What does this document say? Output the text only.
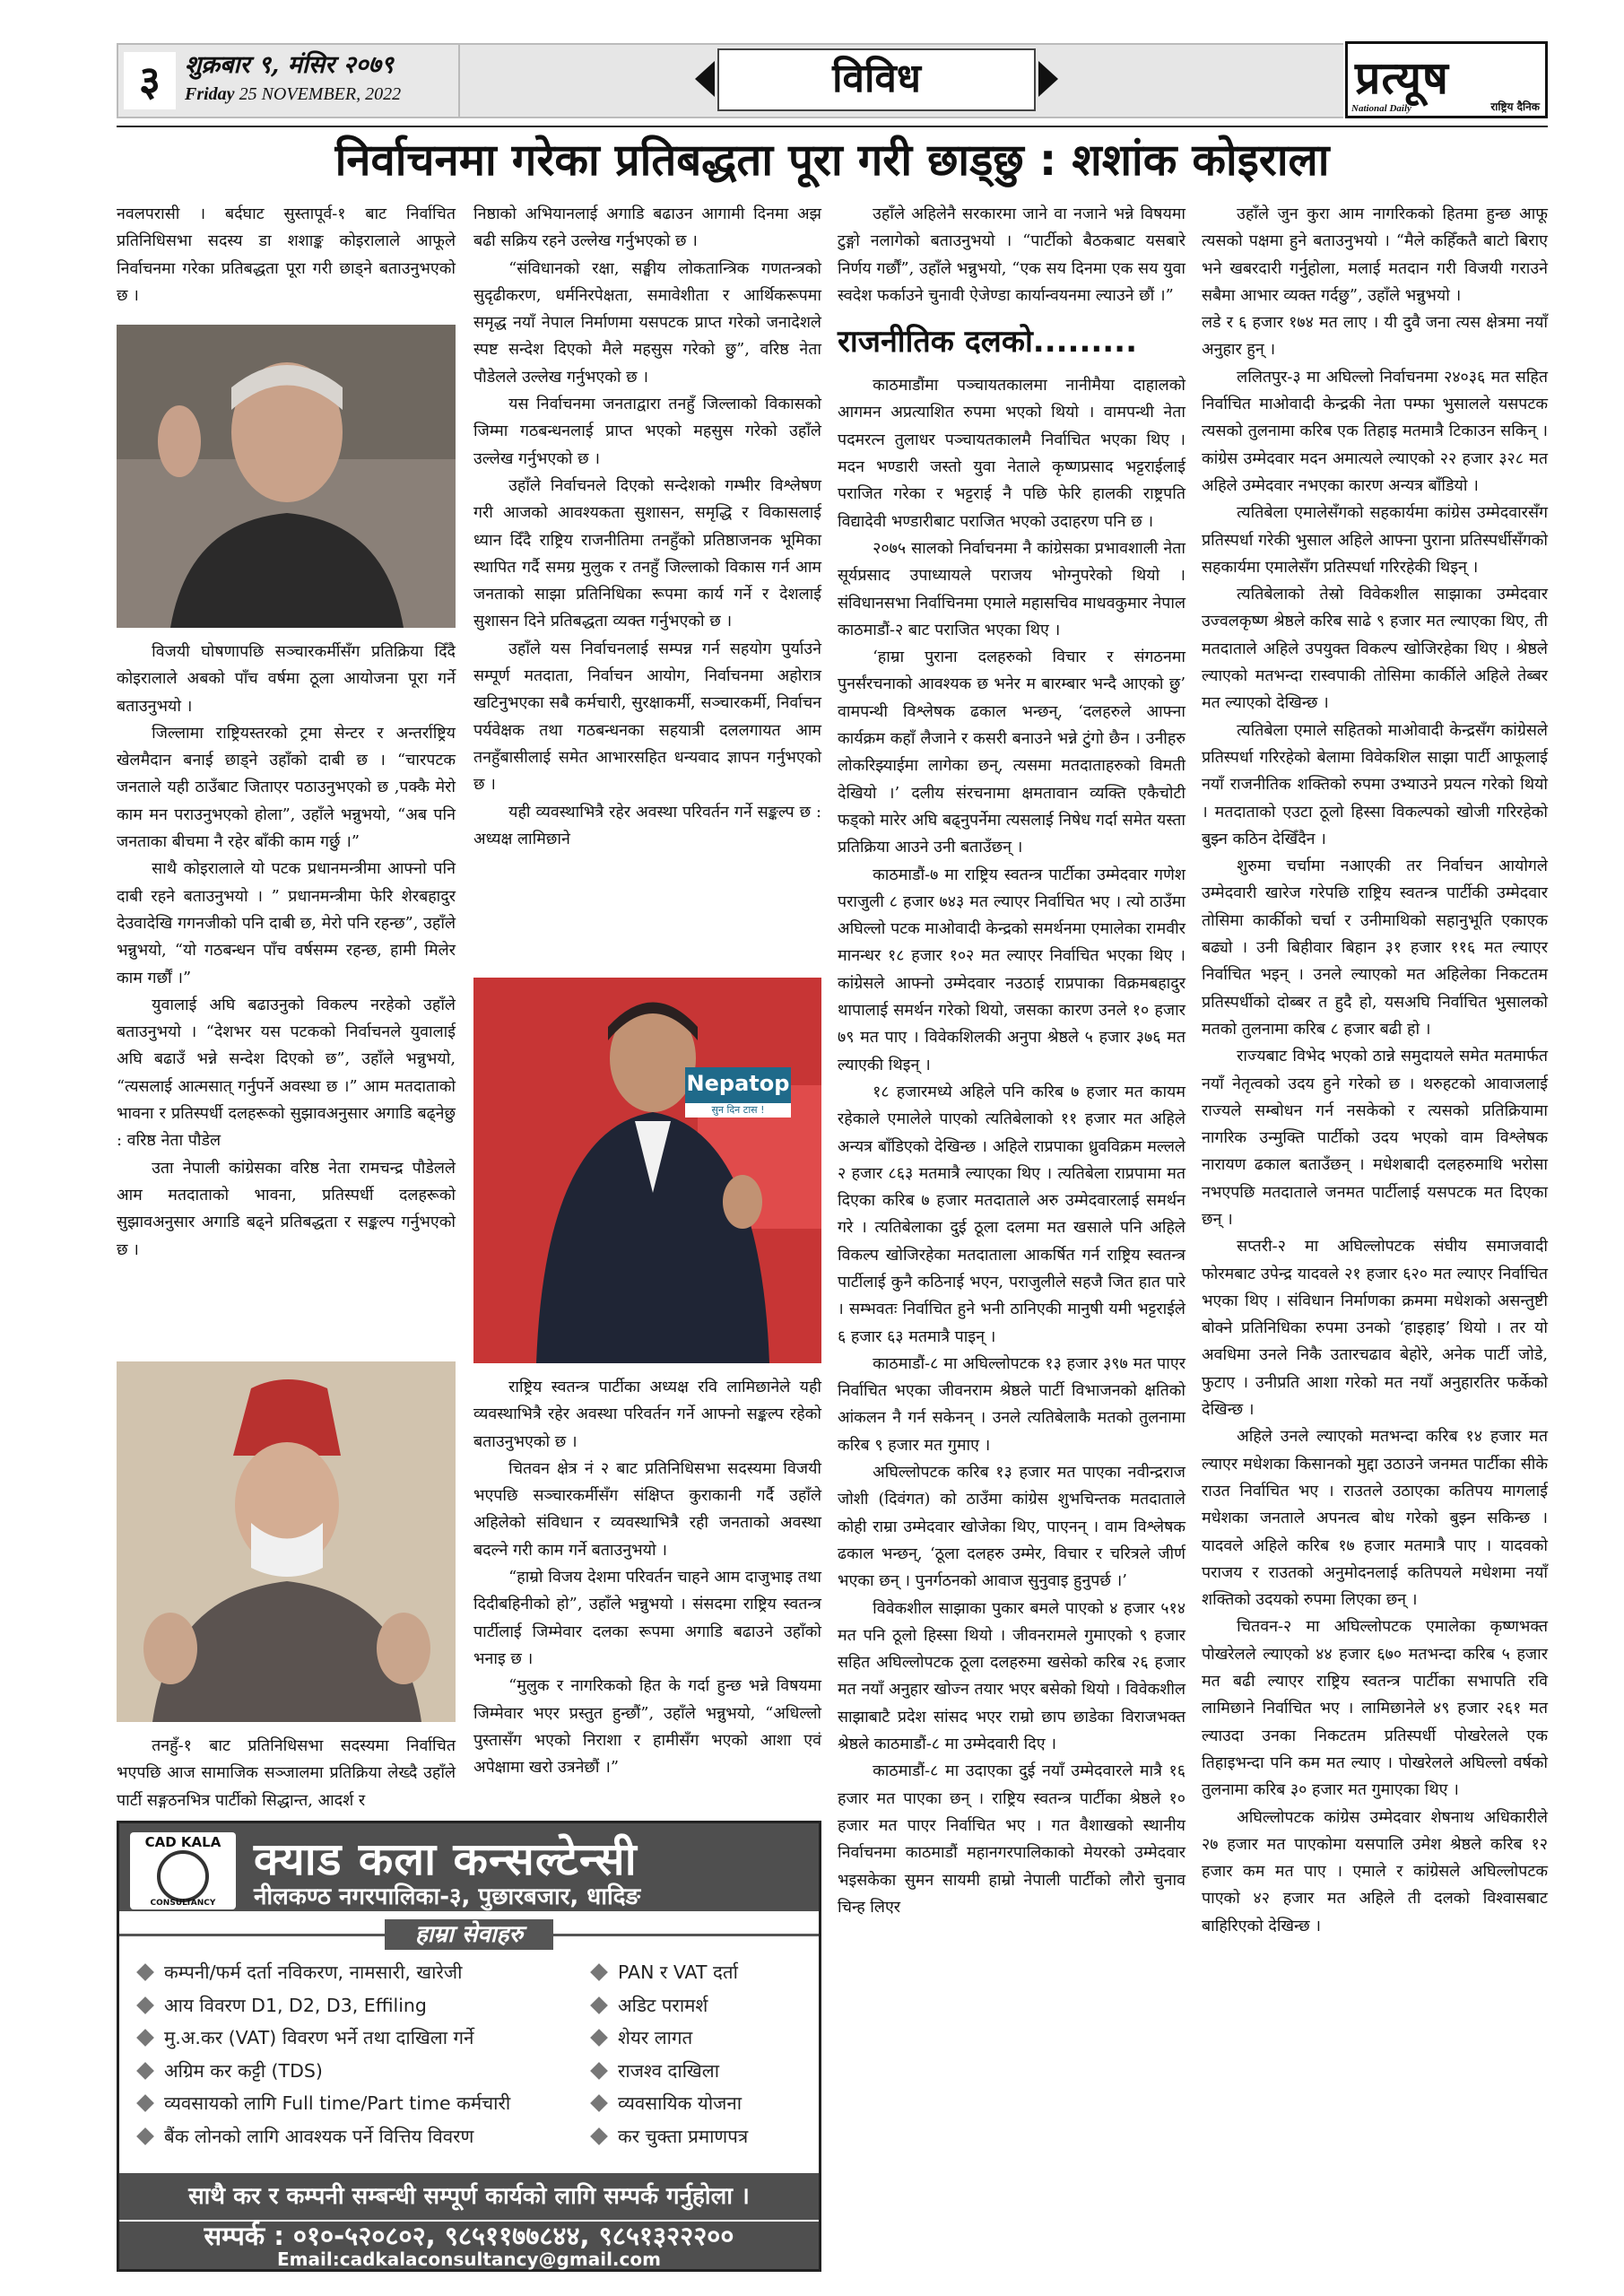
३	शुक्रबार ९, मंसिर २०७९
Friday 25 NOVEMBER, 2022	विविध	प्रत्यूष
National Daily	राष्ट्रिय दैनिक
निर्वाचनमा गरेका प्रतिबद्धता पूरा गरी छाड्छु : शशांक कोइराला

नवलपरासी । बर्दघाट सुस्तापूर्व-१ बाट निर्वाचित प्रतिनिधिसभा सदस्य डा शशाङ्क कोइरालाले आफूले निर्वाचनमा गरेका प्रतिबद्धता पूरा गरी छाड्ने बताउनुभएको छ ।

विजयी घोषणापछि सञ्चारकर्मीसँग प्रतिक्रिया दिँदै कोइरालाले अबको पाँच वर्षमा ठूला आयोजना पूरा गर्ने बताउनुभयो ।

जिल्लामा राष्ट्रियस्तरको ट्रमा सेन्टर र अन्तर्राष्ट्रिय खेलमैदान बनाई छाड्ने उहाँको दाबी छ । “चारपटक जनताले यही ठाउँबाट जिताएर पठाउनुभएको छ ,पक्कै मेरो काम मन पराउनुभएको होला”, उहाँले भन्नुभयो, “अब पनि जनताका बीचमा नै रहेर बाँकी काम गर्छु ।”

साथै कोइरालाले यो पटक प्रधानमन्त्रीमा आफ्नो पनि दाबी रहने बताउनुभयो । ” प्रधानमन्त्रीमा फेरि शेरबहादुर देउवादेखि गगनजीको पनि दाबी छ, मेरो पनि रहन्छ”, उहाँले भन्नुभयो, “यो गठबन्धन पाँच वर्षसम्म रहन्छ, हामी मिलेर काम गर्छौं ।”

युवालाई अघि बढाउनुको विकल्प नरहेको उहाँले बताउनुभयो । “देशभर यस पटकको निर्वाचनले युवालाई अघि बढाउँ भन्ने सन्देश दिएको छ”, उहाँले भन्नुभयो, “त्यसलाई आत्मसात् गर्नुपर्ने अवस्था छ ।” आम मतदाताको भावना र प्रतिस्पर्धी दलहरूको सुझावअनुसार अगाडि बढ्नेछु : वरिष्ठ नेता पौडेल

उता नेपाली कांग्रेसका वरिष्ठ नेता रामचन्द्र पौडेलले आम मतदाताको भावना, प्रतिस्पर्धी दलहरूको सुझावअनुसार अगाडि बढ्ने प्रतिबद्धता र सङ्कल्प गर्नुभएको छ ।

तनहुँ-१ बाट प्रतिनिधिसभा सदस्यमा निर्वाचित भएपछि आज सामाजिक सञ्जालमा प्रतिक्रिया लेख्दै उहाँले पार्टी सङ्गठनभित्र पार्टीको सिद्धान्त, आदर्श र

निष्ठाको अभियानलाई अगाडि बढाउन आगामी दिनमा अझ बढी सक्रिय रहने उल्लेख गर्नुभएको छ ।

“संविधानको रक्षा, सङ्घीय लोकतान्त्रिक गणतन्त्रको सुदृढीकरण, धर्मनिरपेक्षता, समावेशीता र आर्थिकरूपमा समृद्ध नयाँ नेपाल निर्माणमा यसपटक प्राप्त गरेको जनादेशले स्पष्ट सन्देश दिएको मैले महसुस गरेको छु”, वरिष्ठ नेता पौडेलले उल्लेख गर्नुभएको छ ।

यस निर्वाचनमा जनताद्वारा तनहुँ जिल्लाको विकासको जिम्मा गठबन्धनलाई प्राप्त भएको महसुस गरेको उहाँले उल्लेख गर्नुभएको छ ।

उहाँले निर्वाचनले दिएको सन्देशको गम्भीर विश्लेषण गरी आजको आवश्यकता सुशासन, समृद्धि र विकासलाई ध्यान दिँदै राष्ट्रिय राजनीतिमा तनहुँको प्रतिष्ठाजनक भूमिका स्थापित गर्दै समग्र मुलुक र तनहुँ जिल्लाको विकास गर्न आम जनताको साझा प्रतिनिधिका रूपमा कार्य गर्ने र देशलाई सुशासन दिने प्रतिबद्धता व्यक्त गर्नुभएको छ ।

उहाँले यस निर्वाचनलाई सम्पन्न गर्न सहयोग पुर्याउने सम्पूर्ण मतदाता, निर्वाचन आयोग, निर्वाचनमा अहोरात्र खटिनुभएका सबै कर्मचारी, सुरक्षाकर्मी, सञ्चारकर्मी, निर्वाचन पर्यवेक्षक तथा गठबन्धनका सहयात्री दललगायत आम तनहुँबासीलाई समेत आभारसहित धन्यवाद ज्ञापन गर्नुभएको छ ।

यही व्यवस्थाभित्रै रहेर अवस्था परिवर्तन गर्ने सङ्कल्प छ : अध्यक्ष लामिछाने

Nepatop
सुन दिन टास !

राष्ट्रिय स्वतन्त्र पार्टीका अध्यक्ष रवि लामिछानेले यही व्यवस्थाभित्रै रहेर अवस्था परिवर्तन गर्ने आफ्नो सङ्कल्प रहेको बताउनुभएको छ ।

चितवन क्षेत्र नं २ बाट प्रतिनिधिसभा सदस्यमा विजयी भएपछि सञ्चारकर्मीसँग संक्षिप्त कुराकानी गर्दै उहाँले अहिलेको संविधान र व्यवस्थाभित्रै रही जनताको अवस्था बदल्ने गरी काम गर्ने बताउनुभयो ।

“हाम्रो विजय देशमा परिवर्तन चाहने आम दाजुभाइ तथा दिदीबहिनीको हो”, उहाँले भन्नुभयो । संसदमा राष्ट्रिय स्वतन्त्र पार्टीलाई जिम्मेवार दलका रूपमा अगाडि बढाउने उहाँको भनाइ छ ।

“मुलुक र नागरिकको हित के गर्दा हुन्छ भन्ने विषयमा जिम्मेवार भएर प्रस्तुत हुन्छौं”, उहाँले भन्नुभयो, “अधिल्लो पुस्तासँग भएको निराशा र हामीसँग भएको आशा एवं अपेक्षामा खरो उत्रनेछौं ।”

उहाँले अहिलेनै सरकारमा जाने वा नजाने भन्ने विषयमा टुङ्गो नलागेको बताउनुभयो । “पार्टीको बैठकबाट यसबारे निर्णय गर्छौं”, उहाँले भन्नुभयो, “एक सय दिनमा एक सय युवा स्वदेश फर्काउने चुनावी ऐजेण्डा कार्यान्वयनमा ल्याउने छौं ।”

राजनीतिक दलको.........

काठमाडौंमा पञ्चायतकालमा नानीमैया दाहालको आगमन अप्रत्याशित रुपमा भएको थियो । वामपन्थी नेता पदमरत्न तुलाधर पञ्चायतकालमै निर्वाचित भएका थिए । मदन भण्डारी जस्तो युवा नेताले कृष्णप्रसाद भट्टराईलाई पराजित गरेका र भट्टराई नै पछि फेरि हालकी राष्ट्रपति विद्यादेवी भण्डारीबाट पराजित भएको उदाहरण पनि छ ।

२०७५ सालको निर्वाचनमा नै कांग्रेसका प्रभावशाली नेता सूर्यप्रसाद उपाध्यायले पराजय भोग्नुपरेको थियो । संविधानसभा निर्वाचिनमा एमाले महासचिव माधवकुमार नेपाल काठमाडौं-२ बाट पराजित भएका थिए ।

‘हाम्रा पुराना दलहरुको विचार र संगठनमा पुनर्संरचनाको आवश्यक छ भनेर म बारम्बार भन्दै आएको छु’ वामपन्थी विश्लेषक ढकाल भन्छन्, ‘दलहरुले आफ्ना कार्यक्रम कहाँ लैजाने र कसरी बनाउने भन्ने टुंगो छैन । उनीहरु लोकरिझ्याईमा लागेका छन्, त्यसमा मतदाताहरुको विमती देखियो ।’ दलीय संरचनामा क्षमतावान व्यक्ति एकैचोटी फड्को मारेर अघि बढ्नुपर्नेमा त्यसलाई निषेध गर्दा समेत यस्ता प्रतिक्रिया आउने उनी बताउँछन् ।

काठमाडौं-७ मा राष्ट्रिय स्वतन्त्र पार्टीका उम्मेदवार गणेश पराजुली ८ हजार ७४३ मत ल्याएर निर्वाचित भए । त्यो ठाउँमा अघिल्लो पटक माओवादी केन्द्रको समर्थनमा एमालेका रामवीर मानन्धर १८ हजार १०२ मत ल्याएर निर्वाचित भएका थिए । कांग्रेसले आफ्नो उम्मेदवार नउठाई राप्रपाका विक्रमबहादुर थापालाई समर्थन गरेको थियो, जसका कारण उनले १० हजार ७९ मत पाए । विवेकशिलकी अनुपा श्रेष्ठले ५ हजार ३७६ मत ल्याएकी थिइन् ।

१८ हजारमध्ये अहिले पनि करिब ७ हजार मत कायम रहेकाले एमालेले पाएको त्यतिबेलाको ११ हजार मत अहिले अन्यत्र बाँडिएको देखिन्छ । अहिले राप्रपाका ध्रुवविक्रम मल्लले २ हजार ८६३ मतमात्रै ल्याएका थिए । त्यतिबेला राप्रपामा मत दिएका करिब ७ हजार मतदाताले अरु उम्मेदवारलाई समर्थन गरे । त्यतिबेलाका दुई ठूला दलमा मत खसाले पनि अहिले विकल्प खोजिरहेका मतदाताला आकर्षित गर्न राष्ट्रिय स्वतन्त्र पार्टीलाई कुनै कठिनाई भएन, पराजुलीले सहजै जित हात पारे । सम्भवतः निर्वाचित हुने भनी ठानिएकी मानुषी यमी भट्टराईले ६ हजार ६३ मतमात्रै पाइन् ।

काठमाडौं-८ मा अघिल्लोपटक १३ हजार ३९७ मत पाएर निर्वाचित भएका जीवनराम श्रेष्ठले पार्टी विभाजनको क्षतिको आंकलन नै गर्न सकेनन् । उनले त्यतिबेलाकै मतको तुलनामा करिब ९ हजार मत गुमाए ।

अघिल्लोपटक करिब १३ हजार मत पाएका नवीन्द्रराज जोशी (दिवंगत) को ठाउँमा कांग्रेस शुभचिन्तक मतदाताले कोही राम्रा उम्मेदवार खोजेका थिए, पाएनन् । वाम विश्लेषक ढकाल भन्छन्, ‘ठूला दलहरु उम्मेर, विचार र चरित्रले जीर्ण भएका छन् । पुनर्गठनको आवाज सुनुवाइ हुनुपर्छ ।’

विवेकशील साझाका पुकार बमले पाएको ४ हजार ५१४ मत पनि ठूलो हिस्सा थियो । जीवनरामले गुमाएको ९ हजार सहित अघिल्लोपटक ठूला दलहरुमा खसेको करिब २६ हजार मत नयाँ अनुहार खोज्न तयार भएर बसेको थियो । विवेकशील साझाबाटै प्रदेश सांसद भएर राम्रो छाप छाडेका विराजभक्त श्रेष्ठले काठमाडौं-८ मा उम्मेदवारी दिए ।

काठमाडौं-८ मा उदाएका दुई नयाँ उम्मेदवारले मात्रै १६ हजार मत पाएका छन् । राष्ट्रिय स्वतन्त्र पार्टीका श्रेष्ठले १० हजार मत पाएर निर्वाचित भए । गत वैशाखको स्थानीय निर्वाचनमा काठमाडौं महानगरपालिकाको मेयरको उम्मेदवार भइसकेका सुमन सायमी हाम्रो नेपाली पार्टीको लौरो चुनाव चिन्ह लिएर

उहाँले जुन कुरा आम नागरिकको हितमा हुन्छ आफू त्यसको पक्षमा हुने बताउनुभयो । “मैले कहिँकतै बाटो बिराए भने खबरदारी गर्नुहोला, मलाई मतदान गरी विजयी गराउने सबैमा आभार व्यक्त गर्दछु”, उहाँले भन्नुभयो ।

लडे र ६ हजार १७४ मत लाए । यी दुवै जना त्यस क्षेत्रमा नयाँ अनुहार हुन् ।

ललितपुर-३ मा अघिल्लो निर्वाचनमा २४०३६ मत सहित निर्वाचित माओवादी केन्द्रकी नेता पम्फा भुसालले यसपटक त्यसको तुलनामा करिब एक तिहाइ मतमात्रै टिकाउन सकिन् । कांग्रेस उम्मेदवार मदन अमात्यले ल्याएको २२ हजार ३२८ मत अहिले उम्मेदवार नभएका कारण अन्यत्र बाँडियो ।

त्यतिबेला एमालेसँगको सहकार्यमा कांग्रेस उम्मेदवारसँग प्रतिस्पर्धा गरेकी भुसाल अहिले आफ्ना पुराना प्रतिस्पर्धीसँगको सहकार्यमा एमालेसँग प्रतिस्पर्धा गरिरहेकी थिइन् ।

त्यतिबेलाको तेस्रो विवेकशील साझाका उम्मेदवार उज्वलकृष्ण श्रेष्ठले करिब साढे ९ हजार मत ल्याएका थिए, ती मतदाताले अहिले उपयुक्त विकल्प खोजिरहेका थिए । श्रेष्ठले ल्याएको मतभन्दा रास्वपाकी तोसिमा कार्कीले अहिले तेब्बर मत ल्याएको देखिन्छ ।

त्यतिबेला एमाले सहितको माओवादी केन्द्रसँग कांग्रेसले प्रतिस्पर्धा गरिरहेको बेलामा विवेकशिल साझा पार्टी आफूलाई नयाँ राजनीतिक शक्तिको रुपमा उभ्याउने प्रयत्न गरेको थियो । मतदाताको एउटा ठूलो हिस्सा विकल्पको खोजी गरिरहेको बुझ्न कठिन देखिँदैन ।

शुरुमा चर्चामा नआएकी तर निर्वाचन आयोगले उम्मेदवारी खारेज गरेपछि राष्ट्रिय स्वतन्त्र पार्टीकी उम्मेदवार तोसिमा कार्कीको चर्चा र उनीमाथिको सहानुभूति एकाएक बढ्यो । उनी बिहीवार बिहान ३१ हजार ११६ मत ल्याएर निर्वाचित भइन् । उनले ल्याएको मत अहिलेका निकटतम प्रतिस्पर्धीको दोब्बर त हुदै हो, यसअघि निर्वाचित भुसालको मतको तुलनामा करिब ८ हजार बढी हो ।

राज्यबाट विभेद भएको ठान्ने समुदायले समेत मतमार्फत नयाँ नेतृत्वको उदय हुने गरेको छ । थरुहटको आवाजलाई राज्यले सम्बोधन गर्न नसकेको र त्यसको प्रतिक्रियामा नागरिक उन्मुक्ति पार्टीको उदय भएको वाम विश्लेषक नारायण ढकाल बताउँछन् । मधेशबादी दलहरुमाथि भरोसा नभएपछि मतदाताले जनमत पार्टीलाई यसपटक मत दिएका छन् ।

सप्तरी-२ मा अघिल्लोपटक संघीय समाजवादी फोरमबाट उपेन्द्र यादवले २१ हजार ६२० मत ल्याएर निर्वाचित भएका थिए । संविधान निर्माणका क्रममा मधेशको असन्तुष्टी बोक्ने प्रतिनिधिका रुपमा उनको ‘हाइहाइ’ थियो । तर यो अवधिमा उनले निकै उतारचढाव बेहोरे, अनेक पार्टी जोडे, फुटाए । उनीप्रति आशा गरेको मत नयाँ अनुहारतिर फर्केको देखिन्छ ।

अहिले उनले ल्याएको मतभन्दा करिब १४ हजार मत ल्याएर मधेशका किसानको मुद्दा उठाउने जनमत पार्टीका सीके राउत निर्वाचित भए । राउतले उठाएका कतिपय मागलाई मधेशका जनताले अपनत्व बोध गरेको बुझ्न सकिन्छ । यादवले अहिले करिब १७ हजार मतमात्रै पाए । यादवको पराजय र राउतको अनुमोदनलाई कतिपयले मधेशमा नयाँ शक्तिको उदयको रुपमा लिएका छन् ।

चितवन-२ मा अघिल्लोपटक एमालेका कृष्णभक्त पोखरेलले ल्याएको ४४ हजार ६७० मतभन्दा करिब ५ हजार मत बढी ल्याएर राष्ट्रिय स्वतन्त्र पार्टीका सभापति रवि लामिछाने निर्वाचित भए । लामिछानेले ४९ हजार २६१ मत ल्याउदा उनका निकटतम प्रतिस्पर्धी पोखरेलले एक तिहाइभन्दा पनि कम मत ल्याए । पोखरेलले अघिल्लो वर्षको तुलनामा करिब ३० हजार मत गुमाएका थिए ।

अघिल्लोपटक कांग्रेस उम्मेदवार शेषनाथ अधिकारीले २७ हजार मत पाएकोमा यसपालि उमेश श्रेष्ठले करिब १२ हजार कम मत पाए । एमाले र कांग्रेसले अघिल्लोपटक पाएको ४२ हजार मत अहिले ती दलको विश्वासबाट बाहिरिएको देखिन्छ ।

CAD KALA
CONSULTANCY
क्याड कला कन्सल्टेन्सी
नीलकण्ठ नगरपालिका-३, पुछारबजार, धादिङ
हाम्रा सेवाहरु
कम्पनी/फर्म दर्ता नविकरण, नामसारी, खारेजी
आय विवरण D1, D2, D3, Effiling
मु.अ.कर (VAT) विवरण भर्ने तथा दाखिला गर्ने
अग्रिम कर कट्टी (TDS)
व्यवसायको लागि Full time/Part time कर्मचारी
बैंक लोनको लागि आवश्यक पर्ने वित्तिय विवरण
PAN र VAT दर्ता
अडिट परामर्श
शेयर लागत
राजश्व दाखिला
व्यवसायिक योजना
कर चुक्ता प्रमाणपत्र
साथै कर र कम्पनी सम्बन्धी सम्पूर्ण कार्यको लागि सम्पर्क गर्नुहोला ।
सम्पर्क : ०१०-५२०८०२, ९८५११७७८४४, ९८५१३२२२००
Email:cadkalaconsultancy@gmail.com
